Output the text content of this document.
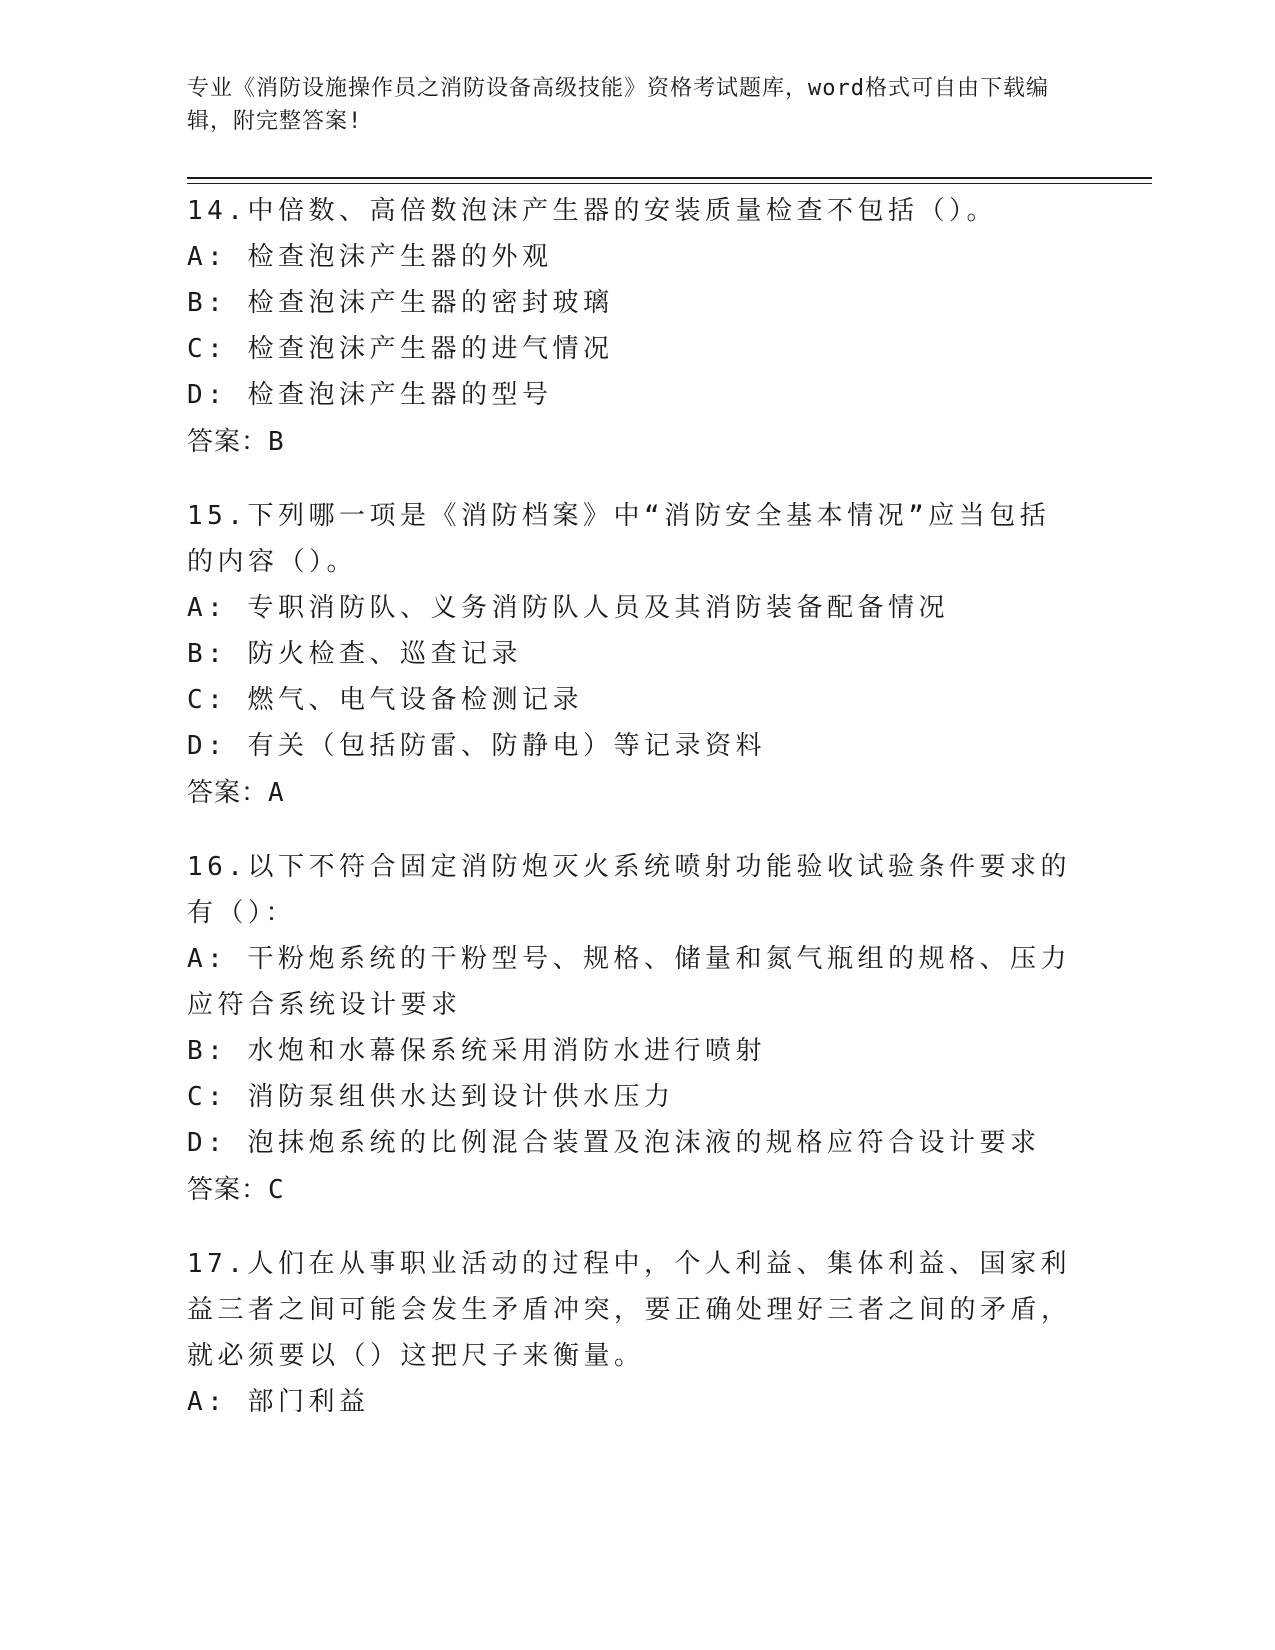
专业《消防设施操作员之消防设备高级技能》资格考试题库，word格式可自由下载编辑，附完整答案!
14.中倍数、高倍数泡沫产生器的安装质量检查不包括（）。
A: 检查泡沫产生器的外观
B: 检查泡沫产生器的密封玻璃
C: 检查泡沫产生器的进气情况
D: 检查泡沫产生器的型号
答案：B
15.下列哪一项是《消防档案》中“消防安全基本情况”应当包括的内容（）。
A: 专职消防队、义务消防队人员及其消防装备配备情况
B: 防火检查、巡查记录
C: 燃气、电气设备检测记录
D: 有关（包括防雷、防静电）等记录资料
答案：A
16.以下不符合固定消防炮灭火系统喷射功能验收试验条件要求的有（）：
A: 干粉炮系统的干粉型号、规格、储量和氮气瓶组的规格、压力应符合系统设计要求
B: 水炮和水幕保系统采用消防水进行喷射
C: 消防泵组供水达到设计供水压力
D: 泡抹炮系统的比例混合装置及泡沫液的规格应符合设计要求
答案：C
17.人们在从事职业活动的过程中，个人利益、集体利益、国家利益三者之间可能会发生矛盾冲突，要正确处理好三者之间的矛盾，就必须要以（）这把尺子来衡量。
A: 部门利益
